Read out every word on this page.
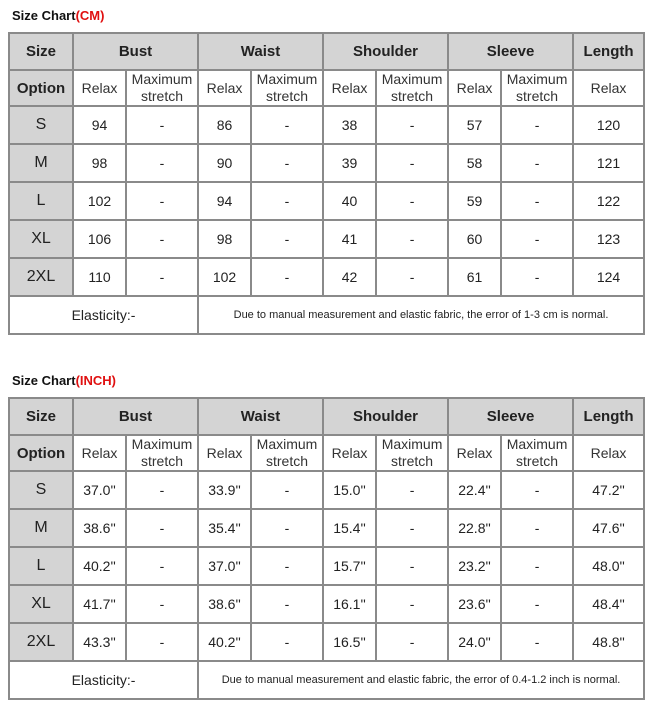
Size Chart(CM)
Size	Bust		Waist		Shoulder		Sleeve		Length
Option	Relax	Maximum stretch	Relax	Maximum stretch	Relax	Maximum stretch	Relax	Maximum stretch	Relax
S	94	-	86	-	38	-	57	-	120
M	98	-	90	-	39	-	58	-	121
L	102	-	94	-	40	-	59	-	122
XL	106	-	98	-	41	-	60	-	123
2XL	110	-	102	-	42	-	61	-	124
Elasticity:-			Due to manual measurement and elastic fabric, the error of 1-3 cm is normal.						
Size Chart(INCH)
Size	Bust		Waist		Shoulder		Sleeve		Length
Option	Relax	Maximum stretch	Relax	Maximum stretch	Relax	Maximum stretch	Relax	Maximum stretch	Relax
S	37.0''	-	33.9''	-	15.0''	-	22.4''	-	47.2''
M	38.6''	-	35.4''	-	15.4''	-	22.8''	-	47.6''
L	40.2''	-	37.0''	-	15.7''	-	23.2''	-	48.0''
XL	41.7''	-	38.6''	-	16.1''	-	23.6''	-	48.4''
2XL	43.3''	-	40.2''	-	16.5''	-	24.0''	-	48.8''
Elasticity:-			Due to manual measurement and elastic fabric, the error of 0.4-1.2 inch is normal.						
